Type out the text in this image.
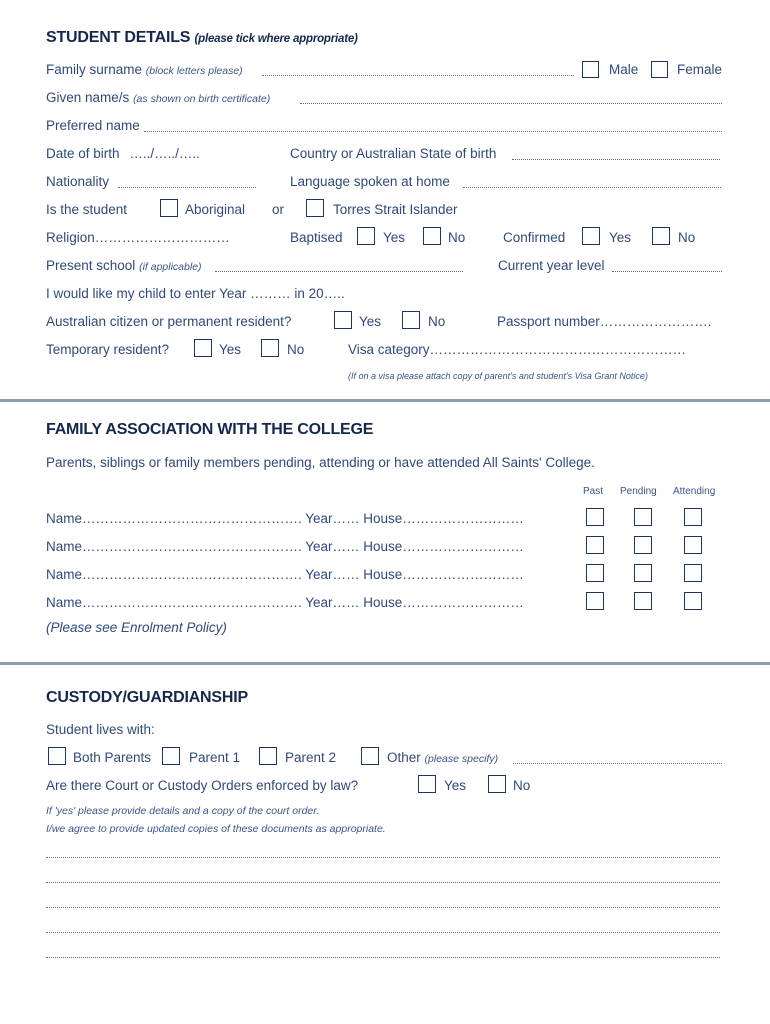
STUDENT DETAILS (please tick where appropriate)
Family surname (block letters please)	Male	Female
Given name/s (as shown on birth certificate)
Preferred name
Date of birth …../…../…..	Country or Australian State of birth
Nationality	Language spoken at home
Is the student	Aboriginal or	Torres Strait Islander
Religion…………………………	Baptised	Yes	No	Confirmed	Yes	No
Present school (if applicable)	Current year level
I would like my child to enter Year ……… in 20…..
Australian citizen or permanent resident?	Yes	No	Passport number…………………….
Temporary resident?	Yes	No	Visa category…………………………………………………
(If on a visa please attach copy of parent's and student's Visa Grant Notice)
FAMILY ASSOCIATION WITH THE COLLEGE
Parents, siblings or family members pending, attending or have attended All Saints' College.
Past Pending Attending
Name…………………………………………. Year…… House………………………
Name…………………………………………. Year…… House………………………
Name…………………………………………. Year…… House………………………
Name…………………………………………. Year…… House………………………
(Please see Enrolment Policy)
CUSTODY/GUARDIANSHIP
Student lives with:
Both Parents	Parent 1	Parent 2	Other (please specify)
Are there Court or Custody Orders enforced by law?	Yes	No
If 'yes' please provide details and a copy of the court order.
I/we agree to provide updated copies of these documents as appropriate.
